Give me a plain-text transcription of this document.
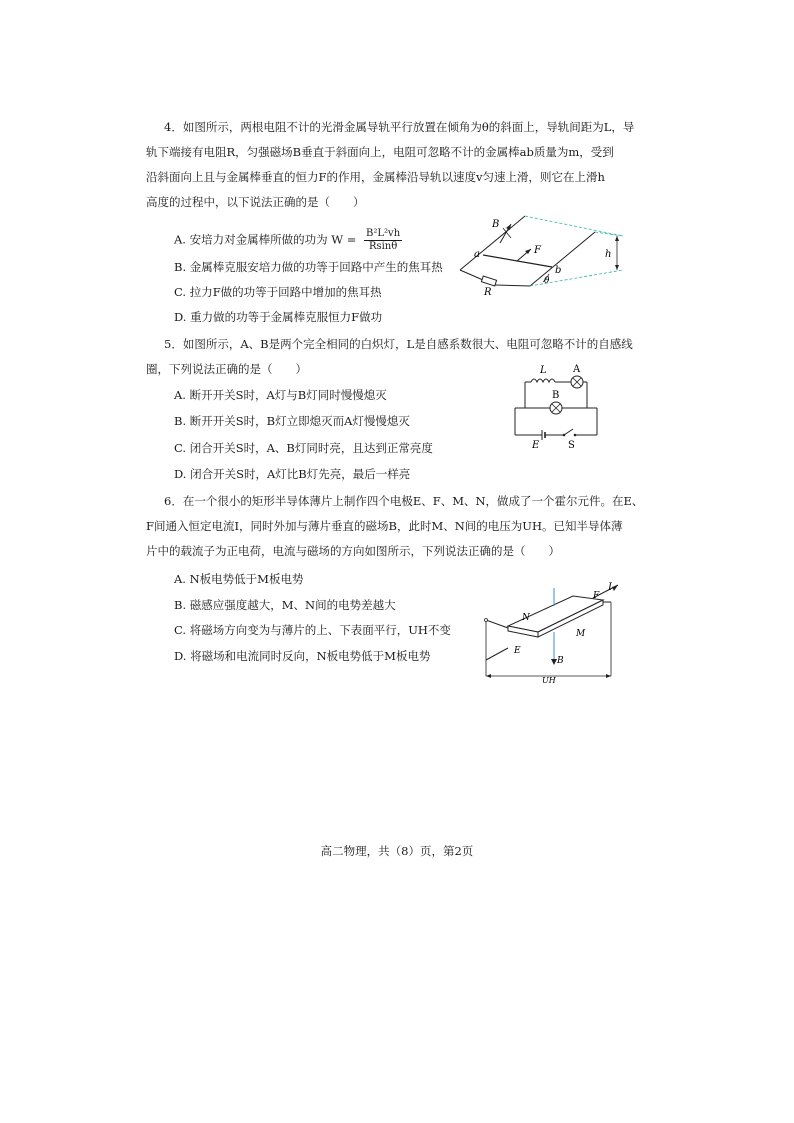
4．如图所示，两根电阻不计的光滑金属导轨平行放置在倾角为θ的斜面上，导轨间距为L，导
轨下端接有电阻R，匀强磁场B垂直于斜面向上，电阻可忽略不计的金属棒ab质量为m，受到
沿斜面向上且与金属棒垂直的恒力F的作用，金属棒沿导轨以速度v匀速上滑，则它在上滑h
高度的过程中，以下说法正确的是（　　）
A. 安培力对金属棒所做的功为 $W = \frac{\text{B²L²vh}}{Rsin\theta}$
B. 金属棒克服安培力做的功等于回路中产生的焦耳热
C. 拉力F做的功等于回路中增加的焦耳热
D. 重力做的功等于金属棒克服恒力F做功
B
F
a
b
R
θ
h
5．如图所示，A、B是两个完全相同的白炽灯，L是自感系数很大、电阻可忽略不计的自感线
圈，下列说法正确的是（　　）
A. 断开开关S时，A灯与B灯同时慢慢熄灭
B. 断开开关S时，B灯立即熄灭而A灯慢慢熄灭
C. 闭合开关S时，A、B灯同时亮，且达到正常亮度
D. 闭合开关S时，A灯比B灯先亮，最后一样亮
L	A
B
E	S
6．在一个很小的矩形半导体薄片上制作四个电极E、F、M、N，做成了一个霍尔元件。在E、
F间通入恒定电流I，同时外加与薄片垂直的磁场B，此时M、N间的电压为UH。已知半导体薄
片中的载流子为正电荷，电流与磁场的方向如图所示，下列说法正确的是（　　）
A. N板电势低于M板电势
B. 磁感应强度越大，M、N间的电势差越大
C. 将磁场方向变为与薄片的上、下表面平行，UH不变
D. 将磁场和电流同时反向，N板电势低于M板电势
I
F
N
M
E
B
UH
高二物理，共（8）页，第2页
